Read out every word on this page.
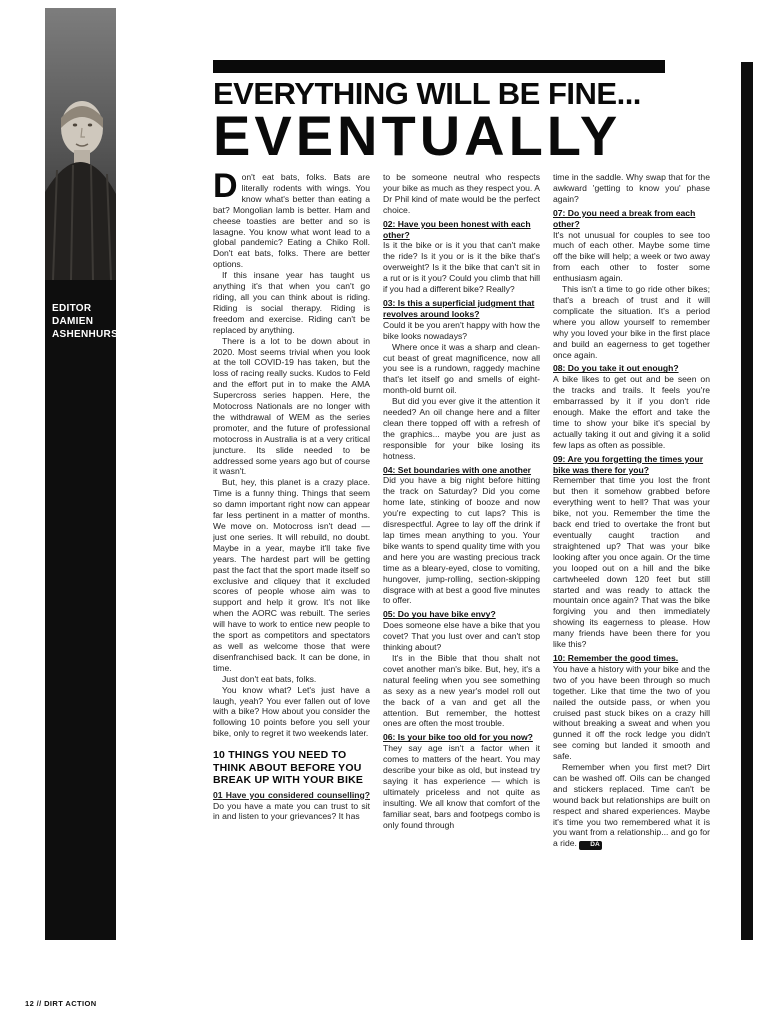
EDITOR
DAMIEN
ASHENHURST
EVERYTHING WILL BE FINE...
EVENTUALLY

Don't eat bats, folks. Bats are literally rodents with wings. You know what's better than eating a bat? Mongolian lamb is better. Ham and cheese toasties are better and so is lasagne. You know what wont lead to a global pandemic? Eating a Chiko Roll. Don't eat bats, folks. There are better options.

If this insane year has taught us anything it's that when you can't go riding, all you can think about is riding. Riding is social therapy. Riding is freedom and exercise. Riding can't be replaced by anything.

There is a lot to be down about in 2020. Most seems trivial when you look at the toll COVID-19 has taken, but the loss of racing really sucks. Kudos to Feld and the effort put in to make the AMA Supercross series happen. Here, the Motocross Nationals are no longer with the withdrawal of WEM as the series promoter, and the future of professional motocross in Australia is at a very critical juncture. Its slide needed to be addressed some years ago but of course it wasn't.

But, hey, this planet is a crazy place. Time is a funny thing. Things that seem so damn important right now can appear far less pertinent in a matter of months. We move on. Motocross isn't dead — just one series. It will rebuild, no doubt. Maybe in a year, maybe it'll take five years. The hardest part will be getting past the fact that the sport made itself so exclusive and cliquey that it excluded scores of people whose aim was to support and help it grow. It's not like when the AORC was rebuilt. The series will have to work to entice new people to the sport as competitors and spectators as well as welcome those that were disenfranchised back. It can be done, in time.

Just don't eat bats, folks.

You know what? Let's just have a laugh, yeah? You ever fallen out of love with a bike? How about you consider the following 10 points before you sell your bike, only to regret it two weekends later.

10 THINGS YOU NEED TO THINK ABOUT BEFORE YOU BREAK UP WITH YOUR BIKE

01 Have you considered counselling? Do you have a mate you can trust to sit in and listen to your grievances? It has

to be someone neutral who respects your bike as much as they respect you. A Dr Phil kind of mate would be the perfect choice.

02: Have you been honest with each other?

Is it the bike or is it you that can't make the ride? Is it you or is it the bike that's overweight? Is it the bike that can't sit in a rut or is it you? Could you climb that hill if you had a different bike? Really?

03: Is this a superficial judgment that revolves around looks?

Could it be you aren't happy with how the bike looks nowadays?

Where once it was a sharp and clean-cut beast of great magnificence, now all you see is a rundown, raggedy machine that's let itself go and smells of eight-month-old burnt oil.

But did you ever give it the attention it needed? An oil change here and a filter clean there topped off with a refresh of the graphics... maybe you are just as responsible for your bike losing its hotness.

04: Set boundaries with one another

Did you have a big night before hitting the track on Saturday? Did you come home late, stinking of booze and now you're expecting to cut laps? This is disrespectful. Agree to lay off the drink if lap times mean anything to you. Your bike wants to spend quality time with you and here you are wasting precious track time as a bleary-eyed, close to vomiting, hungover, jump-rolling, section-skipping disgrace with at best a good five minutes to offer.

05: Do you have bike envy?

Does someone else have a bike that you covet? That you lust over and can't stop thinking about?

It's in the Bible that thou shalt not covet another man's bike. But, hey, it's a natural feeling when you see something as sexy as a new year's model roll out the back of a van and get all the attention. But remember, the hottest ones are often the most trouble.

06: Is your bike too old for you now?

They say age isn't a factor when it comes to matters of the heart. You may describe your bike as old, but instead try saying it has experience — which is ultimately priceless and not quite as insulting. We all know that comfort of the familiar seat, bars and footpegs combo is only found through

time in the saddle. Why swap that for the awkward 'getting to know you' phase again?

07: Do you need a break from each other?

It's not unusual for couples to see too much of each other. Maybe some time off the bike will help; a week or two away from each other to foster some enthusiasm again.

This isn't a time to go ride other bikes; that's a breach of trust and it will complicate the situation. It's a period where you allow yourself to remember why you loved your bike in the first place and build an eagerness to get together once again.

08: Do you take it out enough?

A bike likes to get out and be seen on the tracks and trails. It feels you're embarrassed by it if you don't ride enough. Make the effort and take the time to show your bike it's special by actually taking it out and giving it a solid few laps as often as possible.

09: Are you forgetting the times your bike was there for you?

Remember that time you lost the front but then it somehow grabbed before everything went to hell? That was your bike, not you. Remember the time the back end tried to overtake the front but eventually caught traction and straightened up? That was your bike looking after you once again. Or the time you looped out on a hill and the bike cartwheeled down 120 feet but still started and was ready to attack the mountain once again? That was the bike forgiving you and then immediately showing its eagerness to please. How many friends have been there for you like this?

10: Remember the good times.

You have a history with your bike and the two of you have been through so much together. Like that time the two of you nailed the outside pass, or when you cruised past stuck bikes on a crazy hill without breaking a sweat and when you gunned it off the rock ledge you didn't see coming but landed it smooth and safe.

Remember when you first met? Dirt can be washed off. Oils can be changed and stickers replaced. Time can't be wound back but relationships are built on respect and shared experiences. Maybe it's time you two remembered what it is you want from a relationship... and go for a ride. DA

12 // DIRT ACTION
